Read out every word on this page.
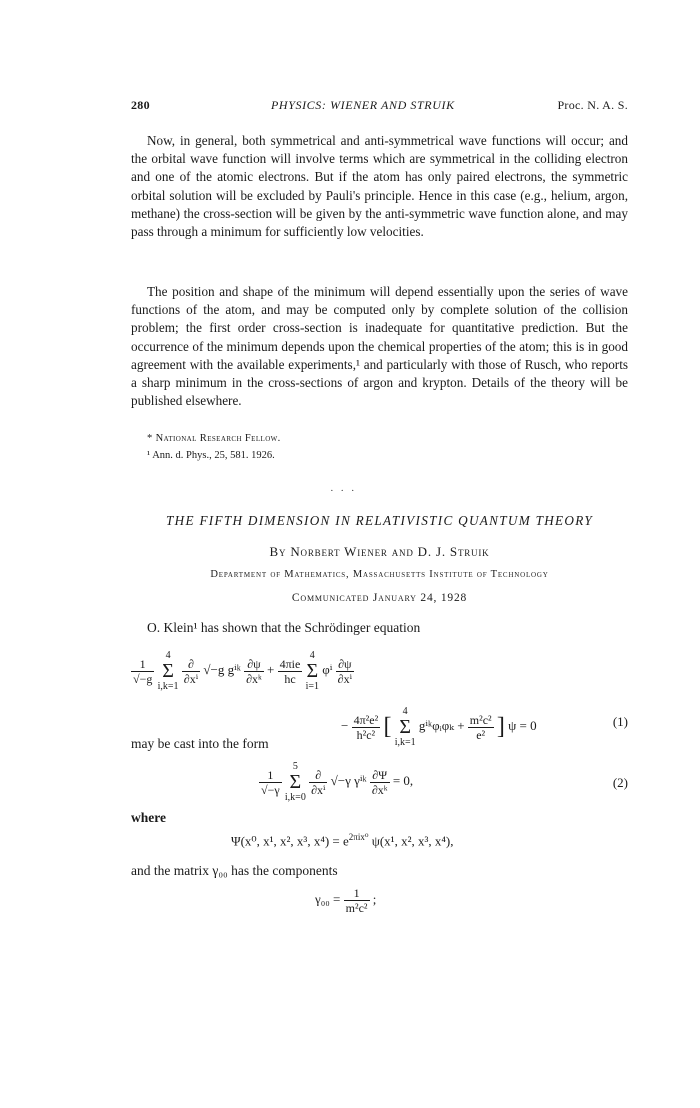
280	PHYSICS: WIENER AND STRUIK	Proc. N. A. S.

Now, in general, both symmetrical and anti-symmetrical wave functions will occur; and the orbital wave function will involve terms which are symmetrical in the colliding electron and one of the atomic electrons. But if the atom has only paired electrons, the symmetric orbital solution will be excluded by Pauli's principle. Hence in this case (e.g., helium, argon, methane) the cross-section will be given by the anti-symmetric wave function alone, and may pass through a minimum for sufficiently low velocities.

The position and shape of the minimum will depend essentially upon the series of wave functions of the atom, and may be computed only by complete solution of the collision problem; the first order cross-section is inadequate for quantitative prediction. But the occurrence of the minimum depends upon the chemical properties of the atom; this is in good agreement with the available experiments,¹ and particularly with those of Rusch, who reports a sharp minimum in the cross-sections of argon and krypton. Details of the theory will be published elsewhere.

* National Research Fellow.
¹ Ann. d. Phys., 25, 581. 1926.
· · ·
THE FIFTH DIMENSION IN RELATIVISTIC QUANTUM THEORY
By Norbert Wiener and D. J. Struik
Department of Mathematics, Massachusetts Institute of Technology
Communicated January 24, 1928
O. Klein¹ has shown that the Schrödinger equation
$\frac{1}{√-g}$
4
Σ
i,k=1
$\frac{\partial}{\text{∂xⁱ}} √-g$ gⁱᵏ $\frac{\partial\psi}{\text{∂xᵏ}} + \frac{\text{4πie}}{hc}$
4
Σ
i=1 φⁱ $\frac{\partial\psi}{\text{∂xⁱ}}$
− $\frac{\text{4π²e²}}{\text{h²c²}}$ [ 4
Σ
i,k=1 gⁱᵏφᵢφₖ + $\frac{\text{m²c²}}{\text{e²}}$ ] ψ = 0	(1)
may be cast into the form
$\frac{1}{√-\gamma}$
5
Σ
i,k=0
$\frac{\partial}{\text{∂xⁱ}} √-\gamma$ γⁱᵏ $\frac{\partial\Psi}{\text{∂xᵏ}} = 0$,	(2)
where
Ψ(x⁰, x¹, x², x³, $x^4) = e^{2\pi ix^0}$ ψ(x¹, x², x³, x⁴),
and the matrix γ₀₀ has the components
$\gamma_{00} = \frac{1}{\text{m²c²}}$ ;
